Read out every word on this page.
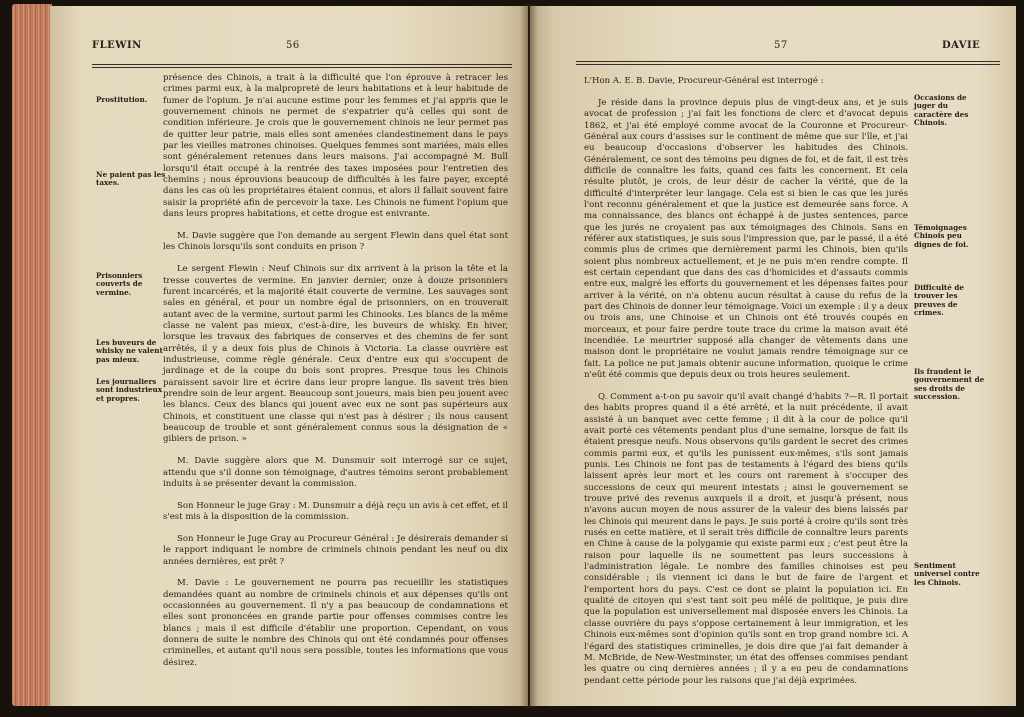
FLEWIN	56
Prostitution.
Ne paient pas les taxes.
Prisonniers couverts de vermine.
Les buveurs de whisky ne valent pas mieux.
Les journaliers sont industrieux et propres.

présence des Chinois, a trait à la difficulté que l'on éprouve à retracer les crimes parmi eux, à la malpropreté de leurs habitations et à leur habitude de fumer de l'opium. Je n'ai aucune estime pour les femmes et j'ai appris que le gouvernement chinois ne permet de s'expatrier qu'à celles qui sont de condition inférieure. Je crois que le gouvernement chinois ne leur permet pas de quitter leur patrie, mais elles sont amenées clandestinement dans le pays par les vieilles matrones chinoises. Quelques femmes sont mariées, mais elles sont généralement retenues dans leurs maisons. J'ai accompagné M. Bull lorsqu'il était occupé à la rentrée des taxes imposées pour l'entretien des chemins ; nous éprouvions beaucoup de difficultés à les faire payer, excepté dans les cas où les propriétaires étaient connus, et alors il fallait souvent faire saisir la propriété afin de percevoir la taxe. Les Chinois ne fument l'opium que dans leurs propres habitations, et cette drogue est enivrante.

M. Davie suggère que l'on demande au sergent Flewin dans quel état sont les Chinois lorsqu'ils sont conduits en prison ?

Le sergent Flewin : Neuf Chinois sur dix arrivent à la prison la tête et la tresse couvertes de vermine. En janvier dernier, onze à douze prisonniers furent incarcérés, et la majorité était couverte de vermine. Les sauvages sont sales en général, et pour un nombre égal de prisonniers, on en trouverait autant avec de la vermine, surtout parmi les Chinooks. Les blancs de la même classe ne valent pas mieux, c'est-à-dire, les buveurs de whisky. En hiver, lorsque les travaux des fabriques de conserves et des chemins de fer sont arrêtés, il y a deux fois plus de Chinois à Victoria. La classe ouvrière est industrieuse, comme règle générale. Ceux d'entre eux qui s'occupent de jardinage et de la coupe du bois sont propres. Presque tous les Chinois paraissent savoir lire et écrire dans leur propre langue. Ils savent très bien prendre soin de leur argent. Beaucoup sont joueurs, mais bien peu jouent avec les blancs. Ceux des blancs qui jouent avec eux ne sont pas supérieurs aux Chinois, et constituent une classe qui n'est pas à désirer ; ils nous causent beaucoup de trouble et sont généralement connus sous la désignation de « gibiers de prison. »

M. Davie suggère alors que M. Dunsmuir soit interrogé sur ce sujet, attendu que s'il donne son témoignage, d'autres témoins seront probablement induits à se présenter devant la commission.

Son Honneur le juge Gray : M. Dunsmuir a déjà reçu un avis à cet effet, et il s'est mis à la disposition de la commission.

Son Honneur le Juge Gray au Procureur Général : Je désirerais demander si le rapport indiquant le nombre de criminels chinois pendant les neuf ou dix années dernières, est prêt ?

M. Davie : Le gouvernement ne pourra pas recueillir les statistiques demandées quant au nombre de criminels chinois et aux dépenses qu'ils ont occasionnées au gouvernement. Il n'y a pas beaucoup de condamnations et elles sont prononcées en grande partie pour offenses commises contre les blancs ; mais il est difficile d'établir une proportion. Cependant, on vous donnera de suite le nombre des Chinois qui ont été condamnés pour offenses criminelles, et autant qu'il nous sera possible, toutes les informations que vous désirez.

57	DAVIE
Occasions de juger du caractère des Chinois.
Témoignages Chinois peu dignes de foi.
Difficulté de trouver les preuves de crimes.
Ils fraudent le gouvernement de ses droits de succession.
Sentiment universel contre les Chinois.

L'Hon A. E. B. Davie, Procureur-Général est interrogé :

Je réside dans la province depuis plus de vingt-deux ans, et je suis avocat de profession ; j'ai fait les fonctions de clerc et d'avocat depuis 1862, et j'ai été employé comme avocat de la Couronne et Procureur-Général aux cours d'assises sur le continent de même que sur l'île, et j'ai eu beaucoup d'occasions d'observer les habitudes des Chinois. Généralement, ce sont des témoins peu dignes de foi, et de fait, il est très difficile de connaître les faits, quand ces faits les concernent. Et cela résulte plutôt, je crois, de leur désir de cacher la vérité, que de la difficulté d'interpréter leur langage. Cela est si bien le cas que les jurés l'ont reconnu généralement et que la justice est demeurée sans force. A ma connaissance, des blancs ont échappé à de justes sentences, parce que les jurés ne croyaient pas aux témoignages des Chinois. Sans en référer aux statistiques, je suis sous l'impression que, par le passé, il a été commis plus de crimes que dernièrement parmi les Chinois, bien qu'ils soient plus nombreux actuellement, et je ne puis m'en rendre compte. Il est certain cependant que dans des cas d'homicides et d'assauts commis entre eux, malgré les efforts du gouvernement et les dépenses faites pour arriver à la vérité, on n'a obtenu aucun résultat à cause du refus de la part des Chinois de donner leur témoignage. Voici un exemple : il y a deux ou trois ans, une Chinoise et un Chinois ont été trouvés coupés en morceaux, et pour faire perdre toute trace du crime la maison avait été incendiée. Le meurtrier supposé alla changer de vêtements dans une maison dont le propriétaire ne voulut jamais rendre témoignage sur ce fait. La police ne put jamais obtenir aucune information, quoique le crime n'eût été commis que depuis deux ou trois heures seulement.

Q. Comment a-t-on pu savoir qu'il avait changé d'habits ?—R. Il portait des habits propres quand il a été arrêté, et la nuit précédente, il avait assisté à un banquet avec cette femme ; il dit à la cour de police qu'il avait porté ces vêtements pendant plus d'une semaine, lorsque de fait ils étaient presque neufs. Nous observons qu'ils gardent le secret des crimes commis parmi eux, et qu'ils les punissent eux-mêmes, s'ils sont jamais punis. Les Chinois ne font pas de testaments à l'égard des biens qu'ils laissent après leur mort et les cours ont rarement à s'occuper des successions de ceux qui meurent intestats ; ainsi le gouvernement se trouve privé des revenus auxquels il a droit, et jusqu'à présent, nous n'avons aucun moyen de nous assurer de la valeur des biens laissés par les Chinois qui meurent dans le pays. Je suis porté à croire qu'ils sont très rusés en cette matière, et il serait très difficile de connaître leurs parents en Chine à cause de la polygamie qui existe parmi eux ; c'est peut être la raison pour laquelle ils ne soumettent pas leurs successions à l'administration légale. Le nombre des familles chinoises est peu considérable ; ils viennent ici dans le but de faire de l'argent et l'emportent hors du pays. C'est ce dont se plaint la population ici. En qualité de citoyen qui s'est tant soit peu mêlé de politique, je puis dire que la population est universellement mal disposée envers les Chinois. La classe ouvrière du pays s'oppose certainement à leur immigration, et les Chinois eux-mêmes sont d'opinion qu'ils sont en trop grand nombre ici. A l'égard des statistiques criminelles, je dois dire que j'ai fait demander à M. McBride, de New-Westminster, un état des offenses commises pendant les quatre ou cinq dernières années ; il y a eu peu de condamnations pendant cette période pour les raisons que j'ai déjà exprimées.
